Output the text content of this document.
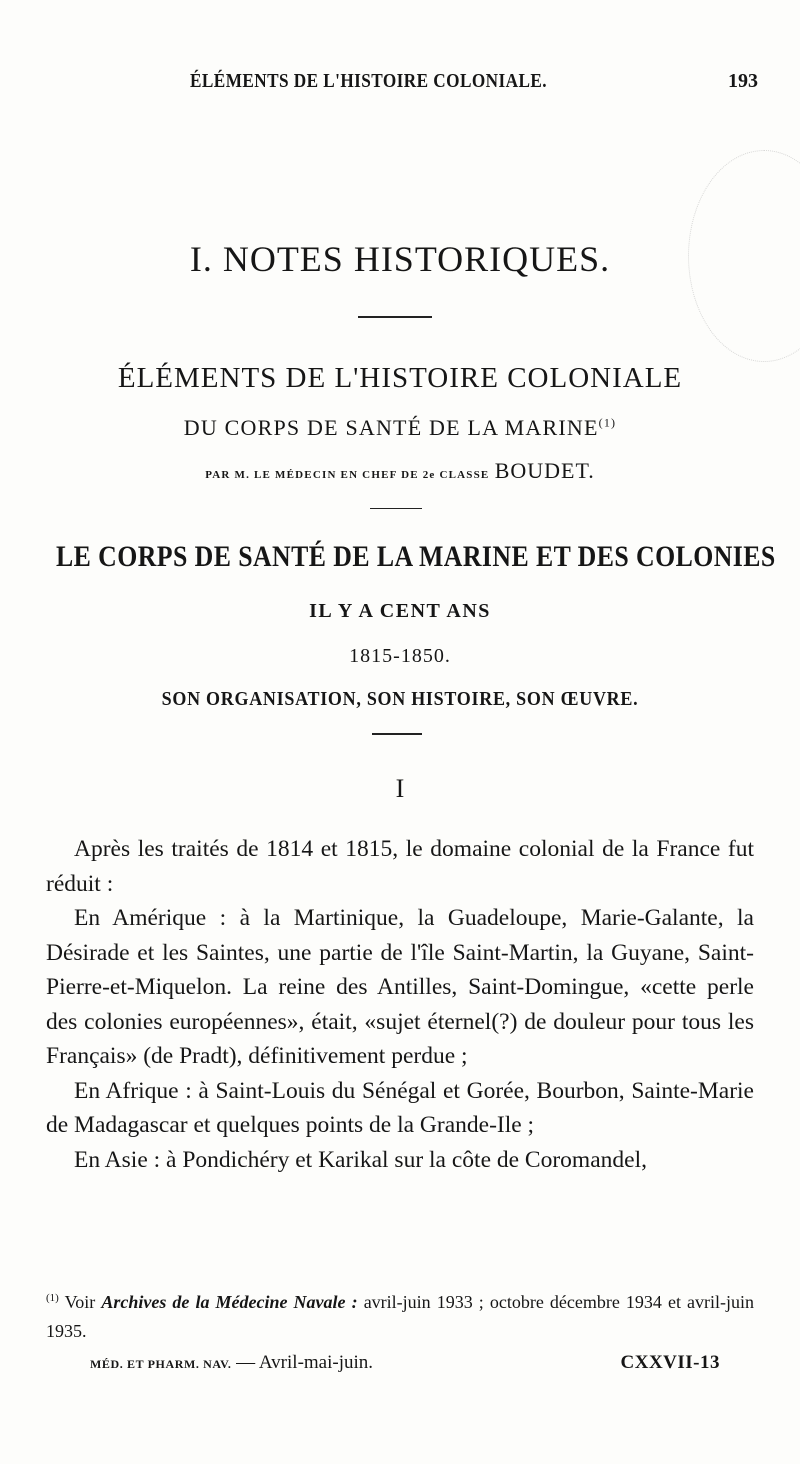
ÉLÉMENTS DE L'HISTOIRE COLONIALE.	193
I. NOTES HISTORIQUES.
ÉLÉMENTS DE L'HISTOIRE COLONIALE
DU CORPS DE SANTÉ DE LA MARINE$^{(1)}$
PAR M. LE MÉDECIN EN CHEF DE 2e CLASSE BOUDET.
LE CORPS DE SANTÉ DE LA MARINE ET DES COLONIES
IL Y A CENT ANS
1815-1850.
SON ORGANISATION, SON HISTOIRE, SON ŒUVRE.
I

Après les traités de 1814 et 1815, le domaine colonial de la France fut réduit :

En Amérique : à la Martinique, la Guadeloupe, Marie-Galante, la Désirade et les Saintes, une partie de l'île Saint-Martin, la Guyane, Saint-Pierre-et-Miquelon. La reine des Antilles, Saint-Domingue, «cette perle des colonies européennes», était, «sujet éternel(?) de douleur pour tous les Français» (de Pradt), définitivement perdue ;

En Afrique : à Saint-Louis du Sénégal et Gorée, Bourbon, Sainte-Marie de Madagascar et quelques points de la Grande-Ile ;

En Asie : à Pondichéry et Karikal sur la côte de Coromandel,

$^{(1)}$ Voir Archives de la Médecine Navale : avril-juin 1933 ; octobre décembre 1934 et avril-juin 1935.
MÉD. ET PHARM. NAV. — Avril-mai-juin.	CXXVII-13
